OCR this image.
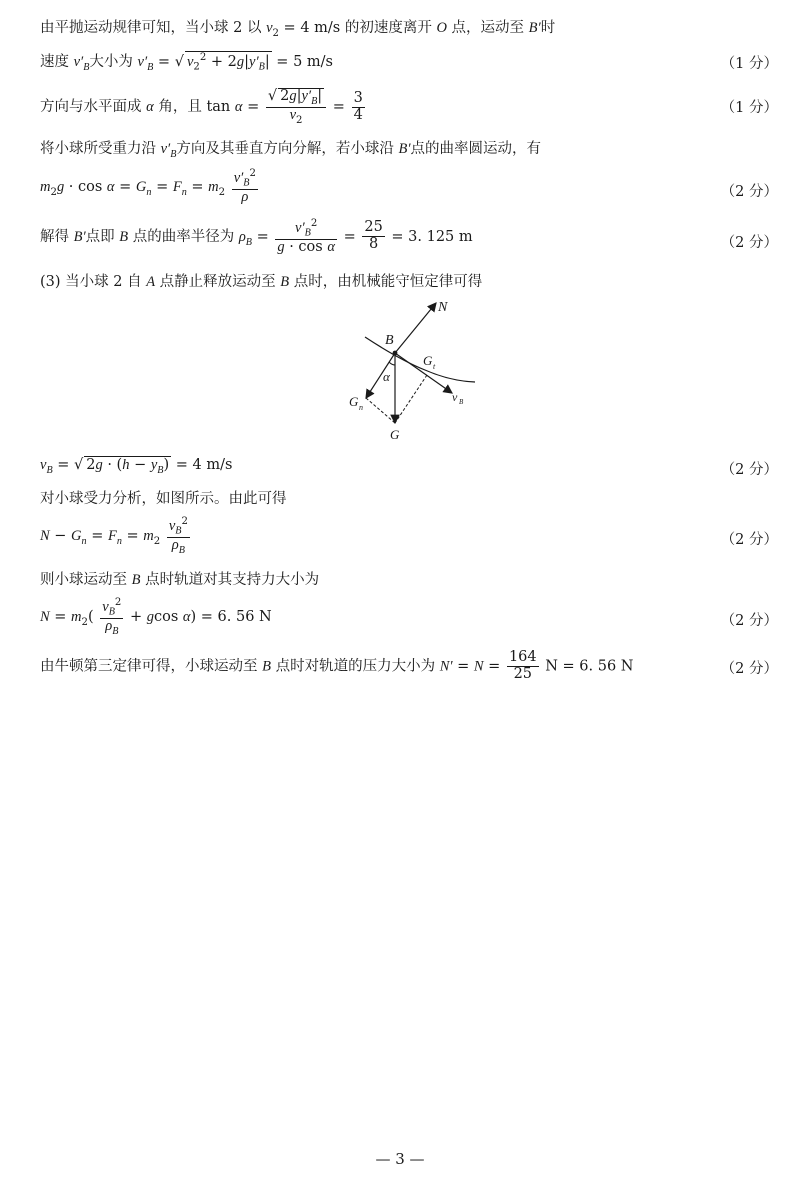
由平抛运动规律可知，当小球 2 以 $v_2 = 4$ m/s 的初速度离开 O 点，运动至 B′时
速度 $v'_B$大小为 $v'_B$ = √ $v_2^2 + 2g|y'_B| = 5$ m/s	（1 分）
方向与水平面成 α 角，且 $\tan \alpha = \frac{√ 2g|y'_B|}{v_2} = \frac{3}{4}$	（1 分）
将小球所受重力沿 $v'_B$方向及其垂直方向分解，若小球沿 B′点的曲率圆运动，有
$m_2g \cdot \cos \alpha = G_n = F_n = m_2 \frac{v'_B^2}{\rho}$	（2 分）
解得 B′点即 B 点的曲率半径为 $\rho_B = \frac{v'_B^2}{\text{g · cos α}} = \frac{25}{8} = 3$. 125 m	（2 分）
(3) 当小球 2 自 A 点静止释放运动至 B 点时，由机械能守恒定律可得
N
B
G t
α
v B
G n
G
$v_B$ = √ $2g \cdot (h - y_B) = 4$ m/s	（2 分）
对小球受力分析，如图所示。由此可得
$N - G_n = F_n = m_2 \frac{v_B^2}{\rho_B}$	（2 分）
则小球运动至 B 点时轨道对其支持力大小为
$N = m_2( \frac{v_B^2}{\rho_B} + gcos$ α) = 6. 56 N	（2 分）
由牛顿第三定律可得，小球运动至 B 点时对轨道的压力大小为 $N' = N = \frac{164}{25}$ N = 6. 56 N	（2 分）
— 3 —
